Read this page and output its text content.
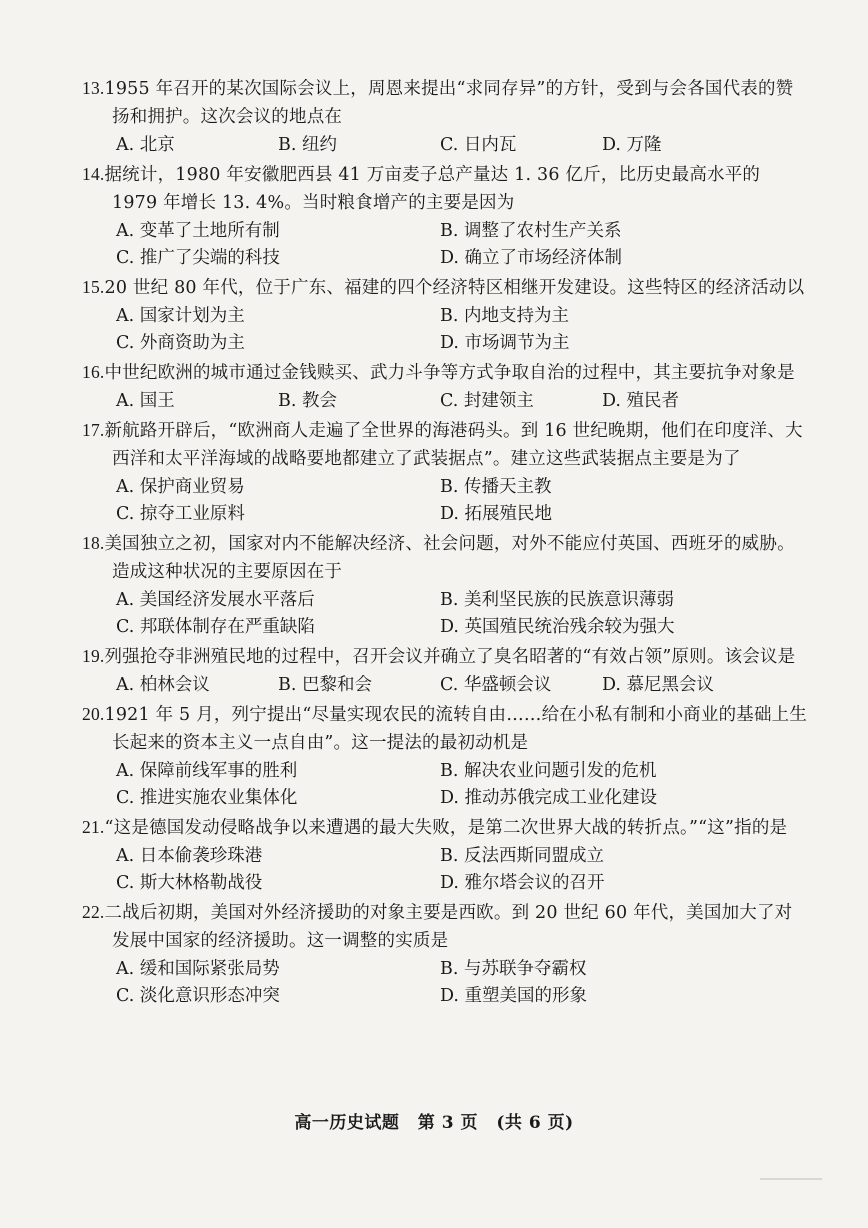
13.1955 年召开的某次国际会议上，周恩来提出“求同存异”的方针，受到与会各国代表的赞扬和拥护。这次会议的地点在

A. 北京	B. 纽约	C. 日内瓦	D. 万隆

14.据统计，1980 年安徽肥西县 41 万亩麦子总产量达 1. 36 亿斤，比历史最高水平的 1979 年增长 13. 4%。当时粮食增产的主要是因为

A. 变革了土地所有制	B. 调整了农村生产关系
C. 推广了尖端的科技	D. 确立了市场经济体制

15.20 世纪 80 年代，位于广东、福建的四个经济特区相继开发建设。这些特区的经济活动以

A. 国家计划为主	B. 内地支持为主
C. 外商资助为主	D. 市场调节为主

16.中世纪欧洲的城市通过金钱赎买、武力斗争等方式争取自治的过程中，其主要抗争对象是

A. 国王	B. 教会	C. 封建领主	D. 殖民者

17.新航路开辟后，“欧洲商人走遍了全世界的海港码头。到 16 世纪晚期，他们在印度洋、大西洋和太平洋海域的战略要地都建立了武装据点”。建立这些武装据点主要是为了

A. 保护商业贸易	B. 传播天主教
C. 掠夺工业原料	D. 拓展殖民地

18.美国独立之初，国家对内不能解决经济、社会问题，对外不能应付英国、西班牙的威胁。造成这种状况的主要原因在于

A. 美国经济发展水平落后	B. 美利坚民族的民族意识薄弱
C. 邦联体制存在严重缺陷	D. 英国殖民统治残余较为强大

19.列强抢夺非洲殖民地的过程中，召开会议并确立了臭名昭著的“有效占领”原则。该会议是

A. 柏林会议	B. 巴黎和会	C. 华盛顿会议	D. 慕尼黑会议

20.1921 年 5 月，列宁提出“尽量实现农民的流转自由……给在小私有制和小商业的基础上生长起来的资本主义一点自由”。这一提法的最初动机是

A. 保障前线军事的胜利	B. 解决农业问题引发的危机
C. 推进实施农业集体化	D. 推动苏俄完成工业化建设

21.“这是德国发动侵略战争以来遭遇的最大失败，是第二次世界大战的转折点。”“这”指的是

A. 日本偷袭珍珠港	B. 反法西斯同盟成立
C. 斯大林格勒战役	D. 雅尔塔会议的召开

22.二战后初期，美国对外经济援助的对象主要是西欧。到 20 世纪 60 年代，美国加大了对发展中国家的经济援助。这一调整的实质是

A. 缓和国际紧张局势	B. 与苏联争夺霸权
C. 淡化意识形态冲突	D. 重塑美国的形象
高一历史试题 第 3 页 (共 6 页)
